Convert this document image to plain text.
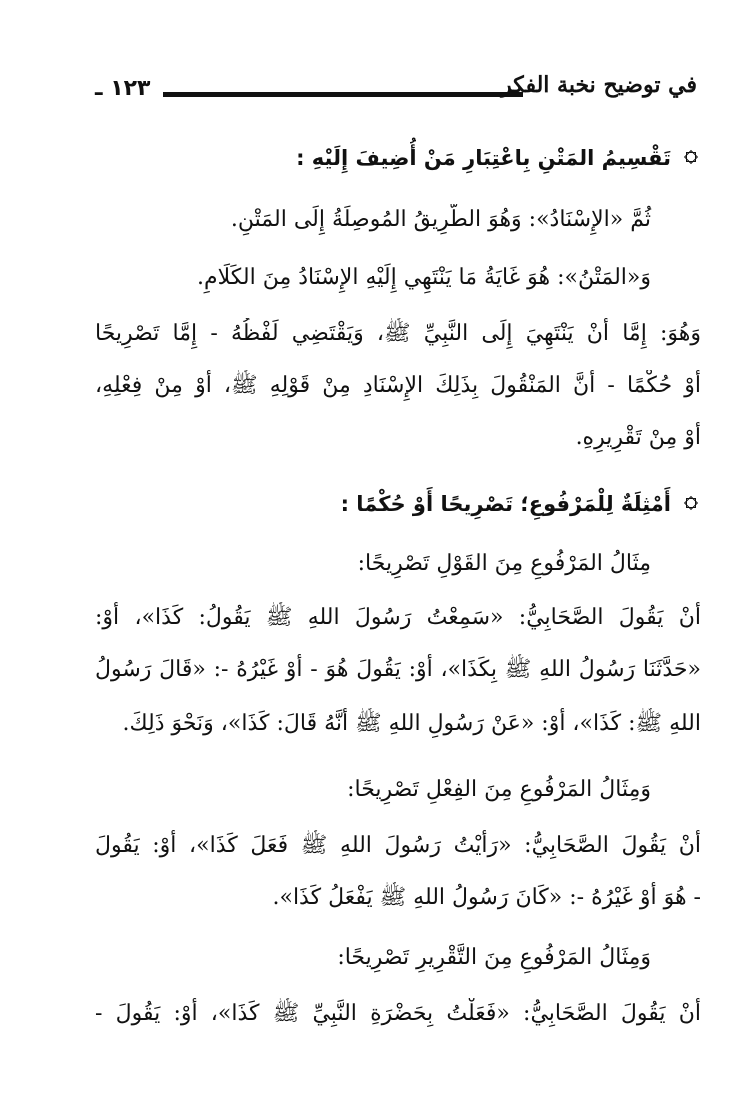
١٢٣ ـ	في توضيح نخبة الفكر
تَقْسِيمُ المَتْنِ بِاعْتِبَارِ مَنْ أُضِيفَ إِلَيْهِ :
ثُمَّ «الإِسْنَادُ»: وَهُوَ الطَّرِيقُ المُوصِلَةُ إِلَى المَتْنِ.
وَ«المَتْنُ»: هُوَ غَايَةُ مَا يَنْتَهِي إِلَيْهِ الإِسْنَادُ مِنَ الكَلَامِ.
وَهُوَ: إِمَّا أَنْ يَنْتَهِيَ إِلَى النَّبِيِّ ﷺ، وَيَقْتَضِي لَفْظُهُ - إِمَّا تَصْرِيحًا
أَوْ حُكْمًا - أَنَّ المَنْقُولَ بِذَلِكَ الإِسْنَادِ مِنْ قَوْلِهِ ﷺ، أَوْ مِنْ فِعْلِهِ،
أَوْ مِنْ تَقْرِيرِهِ.
أَمْثِلَةٌ لِلْمَرْفُوعِ؛ تَصْرِيحًا أَوْ حُكْمًا :
مِثَالُ المَرْفُوعِ مِنَ القَوْلِ تَصْرِيحًا:
أَنْ يَقُولَ الصَّحَابِيُّ: «سَمِعْتُ رَسُولَ اللهِ ﷺ يَقُولُ: كَذَا»، أَوْ:
«حَدَّثَنَا رَسُولُ اللهِ ﷺ بِكَذَا»، أَوْ: يَقُولَ هُوَ - أَوْ غَيْرُهُ -: «قَالَ رَسُولُ
اللهِ ﷺ: كَذَا»، أَوْ: «عَنْ رَسُولِ اللهِ ﷺ أَنَّهُ قَالَ: كَذَا»، وَنَحْوَ ذَلِكَ.
وَمِثَالُ المَرْفُوعِ مِنَ الفِعْلِ تَصْرِيحًا:
أَنْ يَقُولَ الصَّحَابِيُّ: «رَأَيْتُ رَسُولَ اللهِ ﷺ فَعَلَ كَذَا»، أَوْ: يَقُولَ
- هُوَ أَوْ غَيْرُهُ -: «كَانَ رَسُولُ اللهِ ﷺ يَفْعَلُ كَذَا».
وَمِثَالُ المَرْفُوعِ مِنَ التَّقْرِيرِ تَصْرِيحًا:
أَنْ يَقُولَ الصَّحَابِيُّ: «فَعَلْتُ بِحَضْرَةِ النَّبِيِّ ﷺ كَذَا»، أَوْ: يَقُولَ -
